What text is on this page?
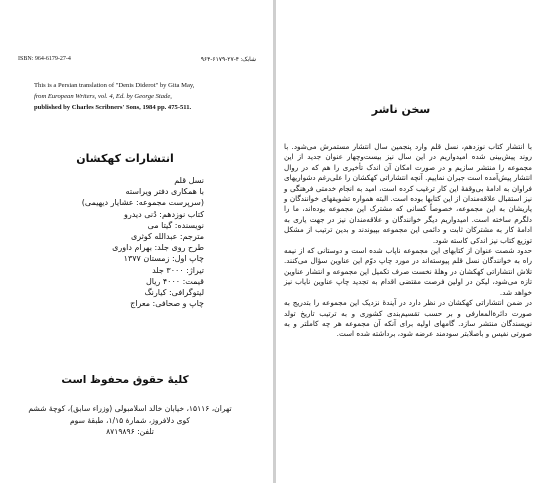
ISBN: 964-6179-27-4	شابک: ۴-۲۷-۶۱۷۹-۹۶۴
This is a Persian translation of "Denis Diderot" by Gita May,
from European Writers, vol. 4, Ed. by George Stade,
published by Charles Scribners' Sons, 1984 pp. 475-511.
انتشارات کهکشان
نسل قلم
با همکاری دفتر ویراسته
(سرپرست مجموعه: عشایار دیهیمی)
کتاب نوزدهم: دُنی دیدرو
نویسنده: گیتا می
مترجم: عبدالله کوثری
طرح روی جلد: بهرام داوری
چاپ اول: زمستان ۱۳۷۷
تیراژ: ۳۰۰۰ جلد
قیمت: ۴۰۰۰ ریال
لیتوگرافی: کیارنگ
چاپ و صحافی: معراج
کلیهٔ حقوق محفوظ است
تهران، ۱۵۱۱۶، خیابان خالد اسلامبولی (وزراء سابق)، کوچهٔ ششم
کوی دلافروز، شمارهٔ ۱/۱۵، طبقهٔ سوم
تلفن: ۸۷۱۹۸۹۶
سخن ناشر

با انتشار کتاب نوزدهم، نسل قلم وارد پنجمین سال انتشار مستمرش می‌شود. با روند پیش‌بینی شده امیدواریم در این سال نیز بیست‌وچهار عنوان جدید از این مجموعه را منتشر سازیم و در صورت امکان آن اندک تأخیری را هم که در روال انتشار پیش‌آمده است جبران نماییم. آنچه انتشاراتی کهکشان را علی‌رغم دشواریهای فراوان به ادامهٔ بی‌وقفهٔ این کار ترغیب کرده است، امید به انجام خدمتی فرهنگی و نیز استقبال علاقه‌مندان از این کتابها بوده است. البته همواره تشویقهای خوانندگان و یاریشان به این مجموعه، خصوصاً کسانی که مشترک این مجموعه بوده‌اند، ما را دلگرم ساخته است. امیدواریم دیگر خوانندگان و علاقه‌مندان نیز در جهت یاری به ادامهٔ کار به مشترکان ثابت و دائمی این مجموعه بپیوندند و بدین ترتیب از مشکل توزیع کتاب نیز اندکی کاسته شود.

حدود شصت عنوان از کتابهای این مجموعه ناپاب شده است و دوستانی که از نیمه راه به خوانندگان نسل قلم پیوسته‌اند در مورد چاپ دوّم این عناوین سؤال می‌کنند. تلاش انتشاراتی کهکشان در وهلهٔ نخست صرف تکمیل این مجموعه و انتشار عناوین تازه می‌شود، لیکن در اولین فرصت مقتضی اقدام به تجدید چاپ عناوین نایاب نیز خواهد شد.

در ضمن انتشاراتی کهکشان در نظر دارد در آیندهٔ نزدیک این مجموعه را بتدریج به صورت دائرةالمعارفی و بر حسب تقسیم‌بندی کشوری و به ترتیب تاریخ تولد نویسندگان منتشر سازد. گامهای اولیه برای آنکه آن مجموعه هر چه کاملتر و به صورتی نفیس و باصلابتر سودمند عرضه شود، برداشته شده است.
